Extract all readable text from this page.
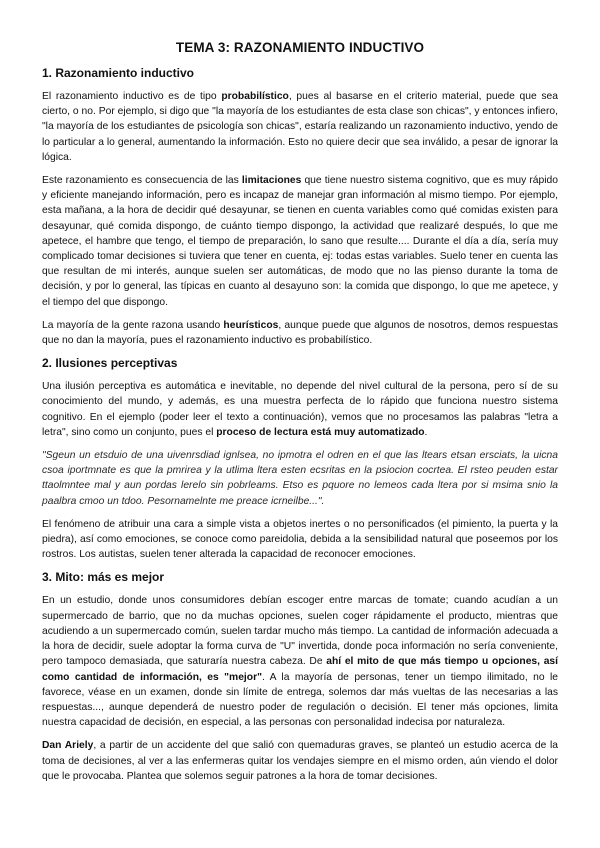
TEMA 3: RAZONAMIENTO INDUCTIVO
1. Razonamiento inductivo

El razonamiento inductivo es de tipo probabilístico, pues al basarse en el criterio material, puede que sea cierto, o no. Por ejemplo, si digo que "la mayoría de los estudiantes de esta clase son chicas", y entonces infiero, "la mayoría de los estudiantes de psicología son chicas", estaría realizando un razonamiento inductivo, yendo de lo particular a lo general, aumentando la información. Esto no quiere decir que sea inválido, a pesar de ignorar la lógica.

Este razonamiento es consecuencia de las limitaciones que tiene nuestro sistema cognitivo, que es muy rápido y eficiente manejando información, pero es incapaz de manejar gran información al mismo tiempo. Por ejemplo, esta mañana, a la hora de decidir qué desayunar, se tienen en cuenta variables como qué comidas existen para desayunar, qué comida dispongo, de cuánto tiempo dispongo, la actividad que realizaré después, lo que me apetece, el hambre que tengo, el tiempo de preparación, lo sano que resulte.... Durante el día a día, sería muy complicado tomar decisiones si tuviera que tener en cuenta, ej: todas estas variables. Suelo tener en cuenta las que resultan de mi interés, aunque suelen ser automáticas, de modo que no las pienso durante la toma de decisión, y por lo general, las típicas en cuanto al desayuno son: la comida que dispongo, lo que me apetece, y el tiempo del que dispongo.

La mayoría de la gente razona usando heurísticos, aunque puede que algunos de nosotros, demos respuestas que no dan la mayoría, pues el razonamiento inductivo es probabilístico.

2. Ilusiones perceptivas

Una ilusión perceptiva es automática e inevitable, no depende del nivel cultural de la persona, pero sí de su conocimiento del mundo, y además, es una muestra perfecta de lo rápido que funciona nuestro sistema cognitivo. En el ejemplo (poder leer el texto a continuación), vemos que no procesamos las palabras "letra a letra", sino como un conjunto, pues el proceso de lectura está muy automatizado.

"Sgeun un etsduio de una uivenrsdiad ignlsea, no ipmotra el odren en el que las ltears etsan ersciats, la uicna csoa iportmnate es que la pmrirea y la utlima ltera esten ecsritas en la psiocion cocrtea. El rsteo peuden estar ttaolmntee mal y aun pordas lerelo sin pobrleams. Etso es pquore no lemeos cada ltera por si msima snio la paalbra cmoo un tdoo. Pesornamelnte me preace icrneilbe...".

El fenómeno de atribuir una cara a simple vista a objetos inertes o no personificados (el pimiento, la puerta y la piedra), así como emociones, se conoce como pareidolia, debida a la sensibilidad natural que poseemos por los rostros. Los autistas, suelen tener alterada la capacidad de reconocer emociones.

3. Mito: más es mejor

En un estudio, donde unos consumidores debían escoger entre marcas de tomate; cuando acudían a un supermercado de barrio, que no da muchas opciones, suelen coger rápidamente el producto, mientras que acudiendo a un supermercado común, suelen tardar mucho más tiempo. La cantidad de información adecuada a la hora de decidir, suele adoptar la forma curva de "U" invertida, donde poca información no sería conveniente, pero tampoco demasiada, que saturaría nuestra cabeza. De ahí el mito de que más tiempo u opciones, así como cantidad de información, es "mejor". A la mayoría de personas, tener un tiempo ilimitado, no le favorece, véase en un examen, donde sin límite de entrega, solemos dar más vueltas de las necesarias a las respuestas..., aunque dependerá de nuestro poder de regulación o decisión. El tener más opciones, limita nuestra capacidad de decisión, en especial, a las personas con personalidad indecisa por naturaleza.

Dan Ariely, a partir de un accidente del que salió con quemaduras graves, se planteó un estudio acerca de la toma de decisiones, al ver a las enfermeras quitar los vendajes siempre en el mismo orden, aún viendo el dolor que le provocaba. Plantea que solemos seguir patrones a la hora de tomar decisiones.
